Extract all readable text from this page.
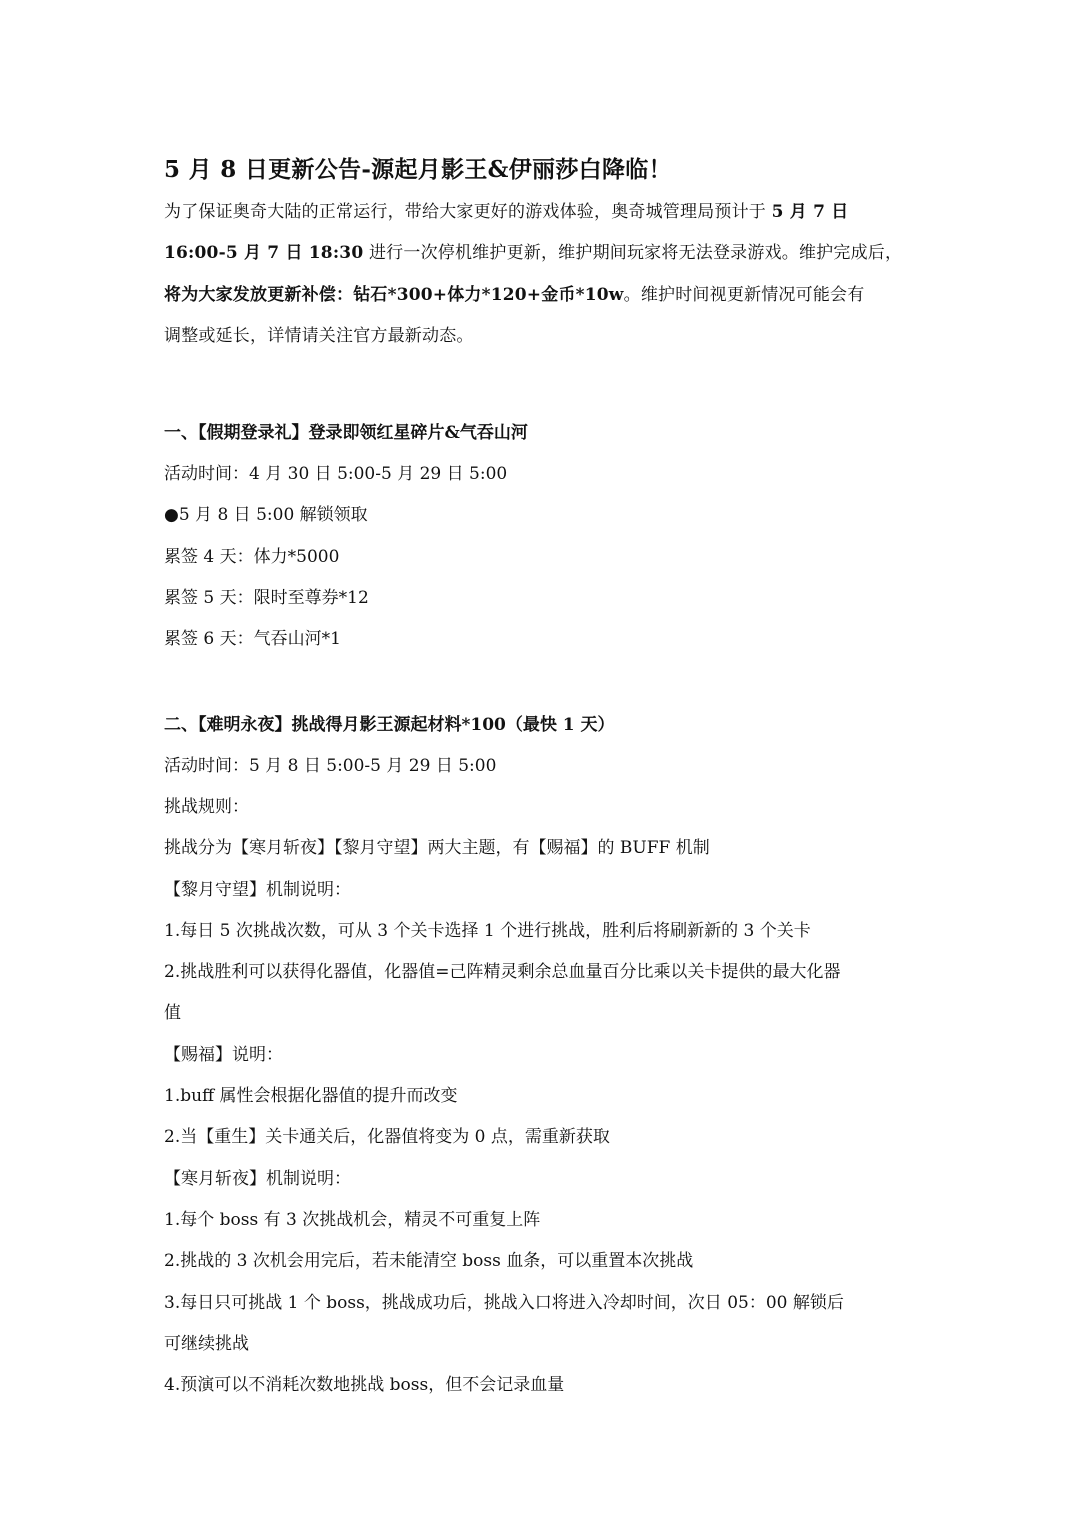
5 月 8 日更新公告-源起月影王&伊丽莎白降临！
为了保证奥奇大陆的正常运行，带给大家更好的游戏体验，奥奇城管理局预计于 5 月 7 日
16:00-5 月 7 日 18:30 进行一次停机维护更新，维护期间玩家将无法登录游戏。维护完成后，
将为大家发放更新补偿：钻石*300+体力*120+金币*10w。维护时间视更新情况可能会有
调整或延长，详情请关注官方最新动态。

一、【假期登录礼】登录即领红星碎片&气吞山河

活动时间：4 月 30 日 5:00-5 月 29 日 5:00

●5 月 8 日 5:00 解锁领取

累签 4 天：体力*5000

累签 5 天：限时至尊券*12

累签 6 天：气吞山河*1

二、【难明永夜】挑战得月影王源起材料*100（最快 1 天）

活动时间：5 月 8 日 5:00-5 月 29 日 5:00

挑战规则：

挑战分为【寒月斩夜】【黎月守望】两大主题，有【赐福】的 BUFF 机制

【黎月守望】机制说明：

1.每日 5 次挑战次数，可从 3 个关卡选择 1 个进行挑战，胜利后将刷新新的 3 个关卡

2.挑战胜利可以获得化器值，化器值=己阵精灵剩余总血量百分比乘以关卡提供的最大化器

值

【赐福】说明：

1.buff 属性会根据化器值的提升而改变

2.当【重生】关卡通关后，化器值将变为 0 点，需重新获取

【寒月斩夜】机制说明：

1.每个 boss 有 3 次挑战机会，精灵不可重复上阵

2.挑战的 3 次机会用完后，若未能清空 boss 血条，可以重置本次挑战

3.每日只可挑战 1 个 boss，挑战成功后，挑战入口将进入冷却时间，次日 05：00 解锁后

可继续挑战

4.预演可以不消耗次数地挑战 boss，但不会记录血量
